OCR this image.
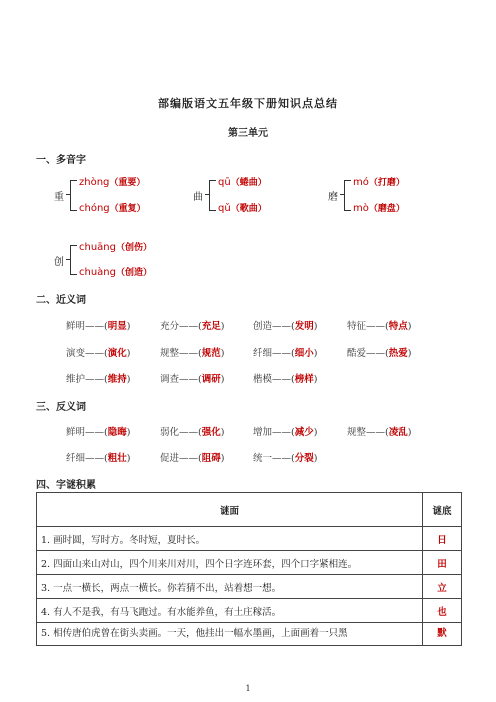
部编版语文五年级下册知识点总结
第三单元
一、多音字
重
zhòng（重要）
chóng（重复）
曲
qū（蜷曲）
qǔ（歌曲）
磨
mó（打磨）
mò（磨盘）
创
chuāng（创伤）
chuàng（创造）
二、近义词
鲜明——(明显)	充分——(充足)	创造——(发明)	特征——(特点)
演变——(演化)	规整——(规范)	纤细——(细小)	酷爱——(热爱)
维护——(维持)	调查——(调研)	楷模——(榜样)
三、反义词
鲜明——(隐晦)	弱化——(强化)	增加——(减少)	规整——(凌乱)
纤细——(粗壮)	促进——(阻碍)	统一——(分裂)
四、字谜积累
谜面	谜底
1. 画时圆，写时方。冬时短，夏时长。	日
2. 四面山来山对山，四个川来川对川，四个日字连环套，四个口字紧相连。	田
3. 一点一横长，两点一横长。你若猜不出，站着想一想。	立
4. 有人不是我，有马飞跑过。有水能养鱼，有土庄稼活。	也
5. 相传唐伯虎曾在街头卖画。一天，他挂出一幅水墨画，上面画着一只黑	默
1
